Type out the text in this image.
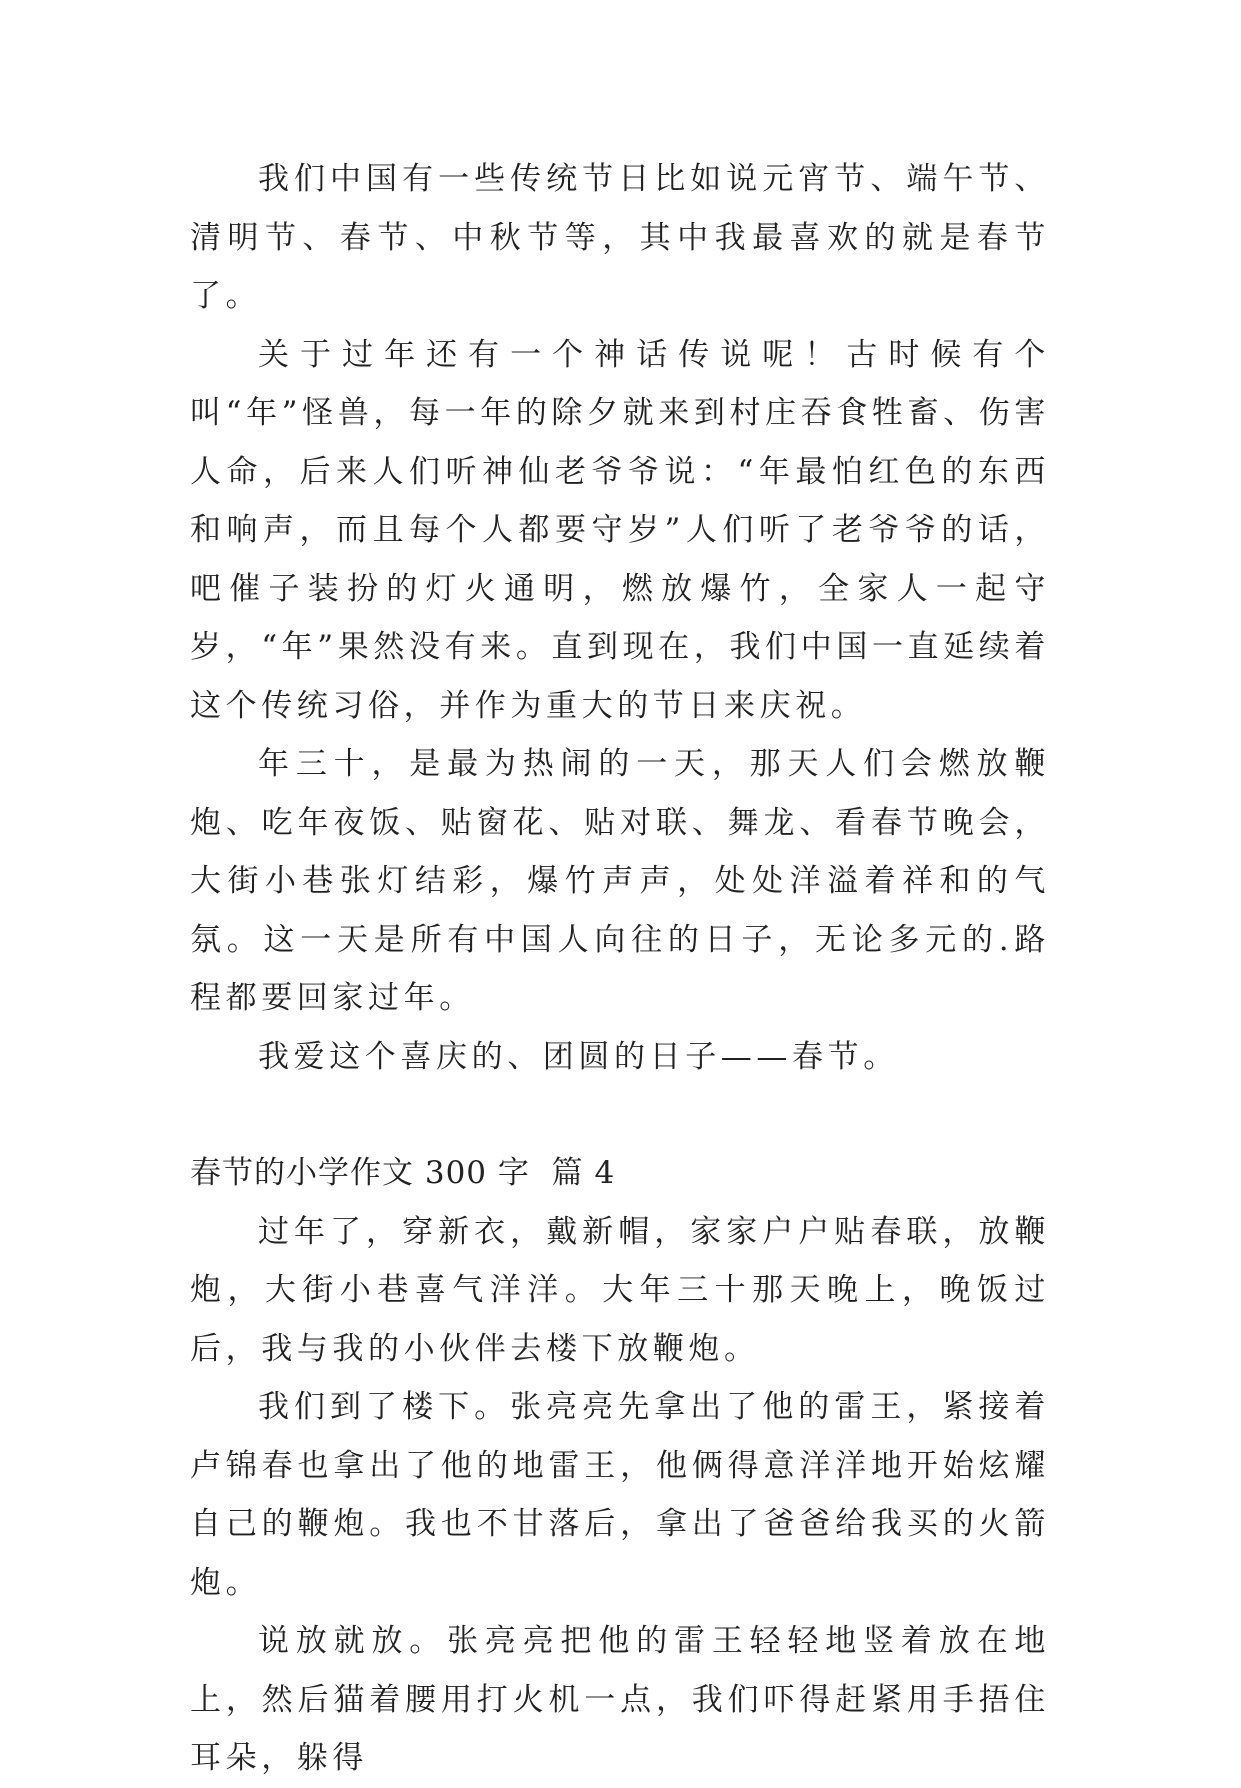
我们中国有一些传统节日比如说元宵节、端午节、清明节、春节、中秋节等，其中我最喜欢的就是春节了。

关于过年还有一个神话传说呢！古时候有个叫“年”怪兽，每一年的除夕就来到村庄吞食牲畜、伤害人命，后来人们听神仙老爷爷说：“年最怕红色的东西和响声，而且每个人都要守岁”人们听了老爷爷的话，吧催子装扮的灯火通明，燃放爆竹，全家人一起守岁，“年”果然没有来。直到现在，我们中国一直延续着这个传统习俗，并作为重大的节日来庆祝。

年三十，是最为热闹的一天，那天人们会燃放鞭炮、吃年夜饭、贴窗花、贴对联、舞龙、看春节晚会，大街小巷张灯结彩，爆竹声声，处处洋溢着祥和的气氛。这一天是所有中国人向往的日子，无论多元的.路程都要回家过年。

我爱这个喜庆的、团圆的日子——春节。

春节的小学作文 300 字  篇 4

过年了，穿新衣，戴新帽，家家户户贴春联，放鞭炮，大街小巷喜气洋洋。大年三十那天晚上，晚饭过后，我与我的小伙伴去楼下放鞭炮。

我们到了楼下。张亮亮先拿出了他的雷王，紧接着卢锦春也拿出了他的地雷王，他俩得意洋洋地开始炫耀自己的鞭炮。我也不甘落后，拿出了爸爸给我买的火箭炮。

说放就放。张亮亮把他的雷王轻轻地竖着放在地上，然后猫着腰用打火机一点，我们吓得赶紧用手捂住耳朵，躲得
